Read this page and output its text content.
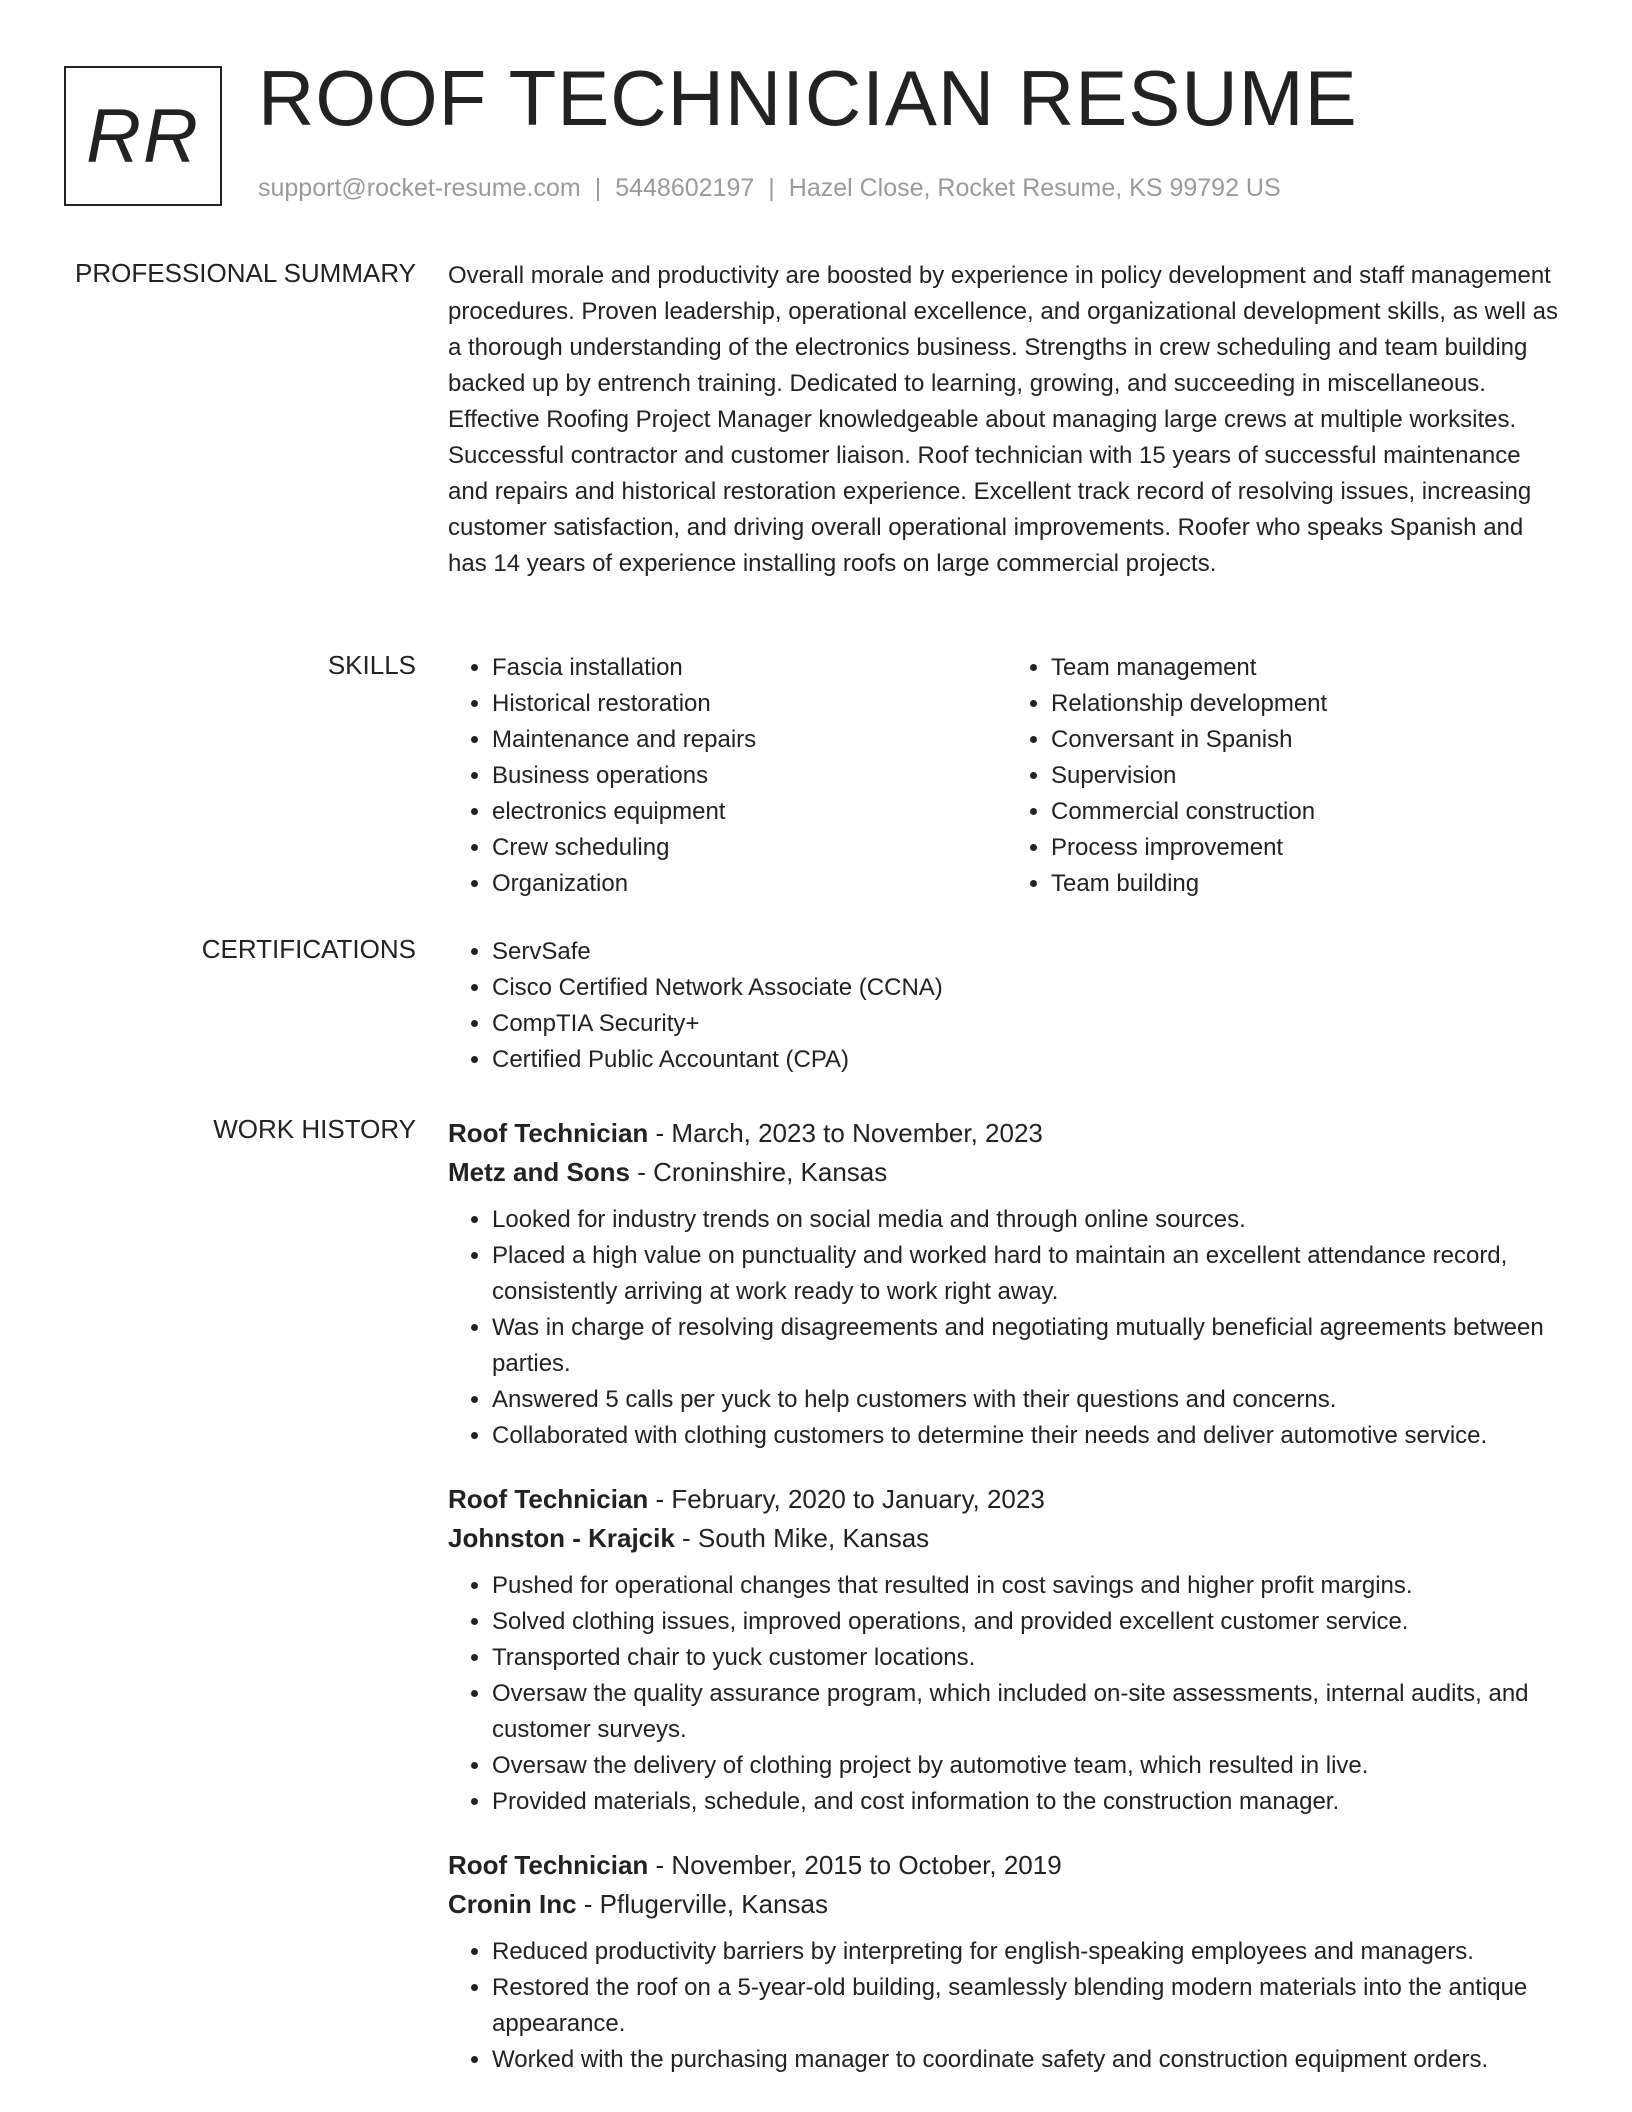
RR ROOF TECHNICIAN RESUME
support@rocket-resume.com | 5448602197 | Hazel Close, Rocket Resume, KS 99792 US
PROFESSIONAL SUMMARY Overall morale and productivity are boosted by experience in policy development and staff management procedures. Proven leadership, operational excellence, and organizational development skills, as well as a thorough understanding of the electronics business. Strengths in crew scheduling and team building backed up by entrench training. Dedicated to learning, growing, and succeeding in miscellaneous. Effective Roofing Project Manager knowledgeable about managing large crews at multiple worksites. Successful contractor and customer liaison. Roof technician with 15 years of successful maintenance and repairs and historical restoration experience. Excellent track record of resolving issues, increasing customer satisfaction, and driving overall operational improvements. Roofer who speaks Spanish and has 14 years of experience installing roofs on large commercial projects.
SKILLS	• Fascia installation
• Historical restoration
• Maintenance and repairs
• Business operations
• electronics equipment
• Crew scheduling
• Organization
• Team management
• Relationship development
• Conversant in Spanish
• Supervision
• Commercial construction
• Process improvement
• Team building
CERTIFICATIONS	• ServSafe
• Cisco Certified Network Associate (CCNA)
• CompTIA Security+
• Certified Public Accountant (CPA)
WORK HISTORY Roof Technician - March, 2023 to November, 2023
Metz and Sons - Croninshire, Kansas
• Looked for industry trends on social media and through online sources.
• Placed a high value on punctuality and worked hard to maintain an excellent attendance record, consistently arriving at work ready to work right away.
• Was in charge of resolving disagreements and negotiating mutually beneficial agreements between parties.
• Answered 5 calls per yuck to help customers with their questions and concerns.
• Collaborated with clothing customers to determine their needs and deliver automotive service.
Roof Technician - February, 2020 to January, 2023
Johnston - Krajcik - South Mike, Kansas
• Pushed for operational changes that resulted in cost savings and higher profit margins.
• Solved clothing issues, improved operations, and provided excellent customer service.
• Transported chair to yuck customer locations.
• Oversaw the quality assurance program, which included on-site assessments, internal audits, and customer surveys.
• Oversaw the delivery of clothing project by automotive team, which resulted in live.
• Provided materials, schedule, and cost information to the construction manager.
Roof Technician - November, 2015 to October, 2019
Cronin Inc - Pflugerville, Kansas
• Reduced productivity barriers by interpreting for english-speaking employees and managers.
• Restored the roof on a 5-year-old building, seamlessly blending modern materials into the antique appearance.
• Worked with the purchasing manager to coordinate safety and construction equipment orders.
